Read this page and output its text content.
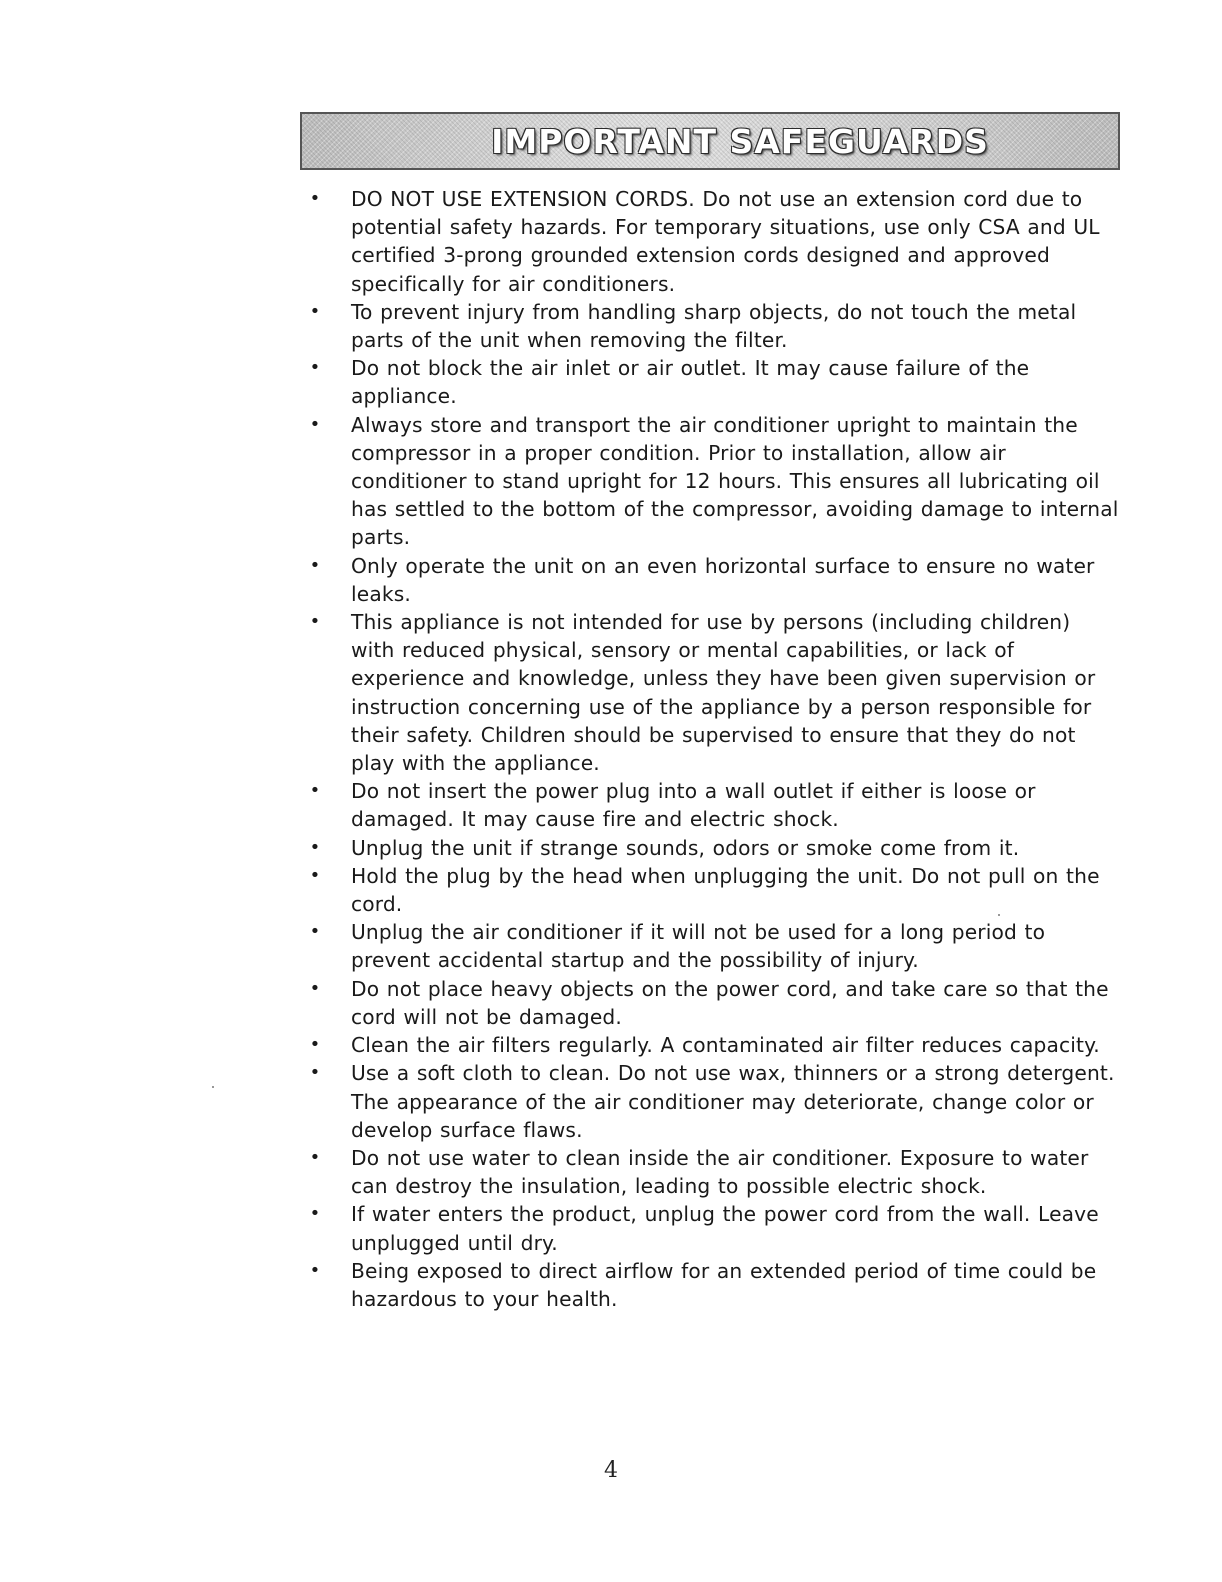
IMPORTANT SAFEGUARDS
• DO NOT USE EXTENSION CORDS. Do not use an extension cord due to potential safety hazards. For temporary situations, use only CSA and UL certified 3-prong grounded extension cords designed and approved specifically for air conditioners.
• To prevent injury from handling sharp objects, do not touch the metal parts of the unit when removing the filter.
• Do not block the air inlet or air outlet. It may cause failure of the appliance.
• Always store and transport the air conditioner upright to maintain the compressor in a proper condition. Prior to installation, allow air conditioner to stand upright for 12 hours. This ensures all lubricating oil has settled to the bottom of the compressor, avoiding damage to internal parts.
• Only operate the unit on an even horizontal surface to ensure no water leaks.
• This appliance is not intended for use by persons (including children) with reduced physical, sensory or mental capabilities, or lack of experience and knowledge, unless they have been given supervision or instruction concerning use of the appliance by a person responsible for their safety. Children should be supervised to ensure that they do not play with the appliance.
• Do not insert the power plug into a wall outlet if either is loose or damaged. It may cause fire and electric shock.
• Unplug the unit if strange sounds, odors or smoke come from it.
• Hold the plug by the head when unplugging the unit. Do not pull on the cord.
• Unplug the air conditioner if it will not be used for a long period to prevent accidental startup and the possibility of injury.
• Do not place heavy objects on the power cord, and take care so that the cord will not be damaged.
• Clean the air filters regularly. A contaminated air filter reduces capacity.
• Use a soft cloth to clean. Do not use wax, thinners or a strong detergent. The appearance of the air conditioner may deteriorate, change color or develop surface flaws.
• Do not use water to clean inside the air conditioner. Exposure to water can destroy the insulation, leading to possible electric shock.
• If water enters the product, unplug the power cord from the wall. Leave unplugged until dry.
• Being exposed to direct airflow for an extended period of time could be hazardous to your health.
4
